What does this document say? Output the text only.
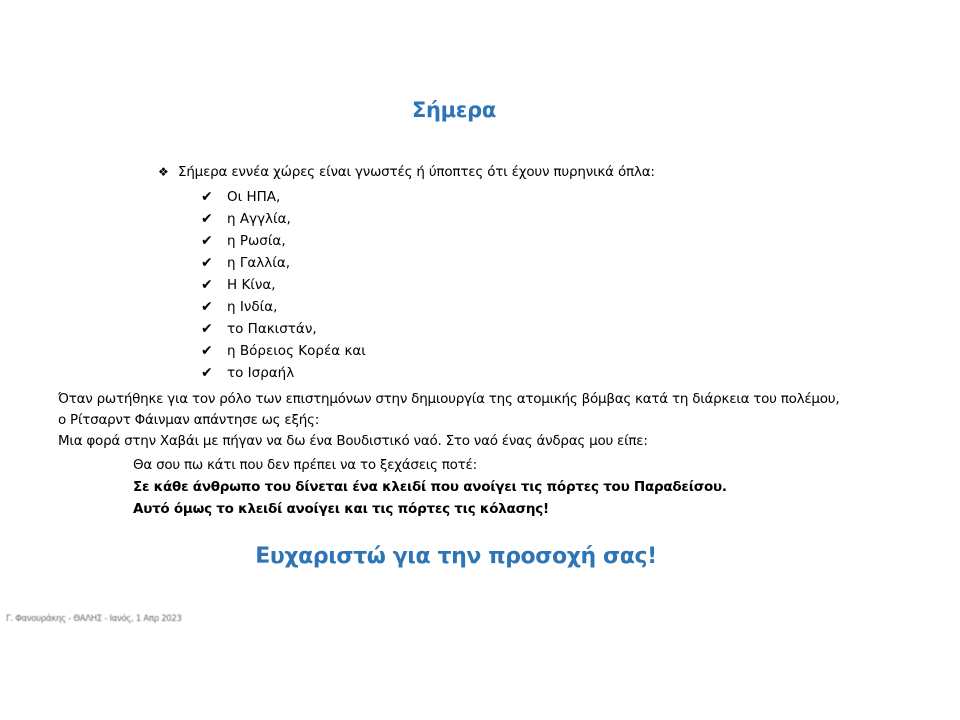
Σήμερα
❖ Σήμερα εννέα χώρες είναι γνωστές ή ύποπτες ότι έχουν πυρηνικά όπλα:
✔ Οι ΗΠΑ,
✔ η Αγγλία,
✔ η Ρωσία,
✔ η Γαλλία,
✔ Η Κίνα,
✔ η Ινδία,
✔ το Πακιστάν,
✔ η Βόρειος Κορέα και
✔ το Ισραήλ
Όταν ρωτήθηκε για τον ρόλο των επιστημόνων στην δημιουργία της ατομικής βόμβας κατά τη διάρκεια του πολέμου,
ο Ρίτσαρντ Φάινμαν απάντησε ως εξής:
Μια φορά στην Χαβάι με πήγαν να δω ένα Βουδιστικό ναό. Στο ναό ένας άνδρας μου είπε:
Θα σου πω κάτι που δεν πρέπει να το ξεχάσεις ποτέ:
Σε κάθε άνθρωπο του δίνεται ένα κλειδί που ανοίγει τις πόρτες του Παραδείσου.
Αυτό όμως το κλειδί ανοίγει και τις πόρτες τις κόλασης!
Ευχαριστώ για την προσοχή σας!
Γ. Φανουράκης - ΘΑΛΗΣ - Ιανός, 1 Απρ 2023
